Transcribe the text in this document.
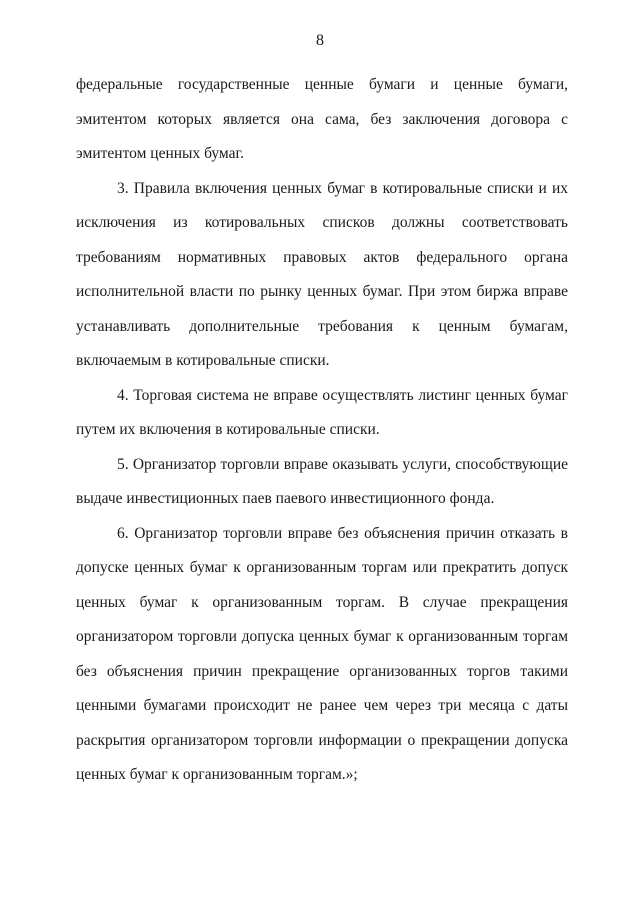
8
федеральные государственные ценные бумаги и ценные бумаги,
эмитентом которых является она сама, без заключения договора с
эмитентом ценных бумаг.
3. Правила включения ценных бумаг в котировальные списки и их
исключения из котировальных списков должны соответствовать
требованиям нормативных правовых актов федерального органа
исполнительной власти по рынку ценных бумаг. При этом биржа вправе
устанавливать дополнительные требования к ценным бумагам,
включаемым в котировальные списки.
4. Торговая система не вправе осуществлять листинг ценных бумаг
путем их включения в котировальные списки.
5. Организатор торговли вправе оказывать услуги, способствующие
выдаче инвестиционных паев паевого инвестиционного фонда.
6. Организатор торговли вправе без объяснения причин отказать в
допуске ценных бумаг к организованным торгам или прекратить допуск
ценных бумаг к организованным торгам. В случае прекращения
организатором торговли допуска ценных бумаг к организованным торгам
без объяснения причин прекращение организованных торгов такими
ценными бумагами происходит не ранее чем через три месяца с даты
раскрытия организатором торговли информации о прекращении допуска
ценных бумаг к организованным торгам.»;
